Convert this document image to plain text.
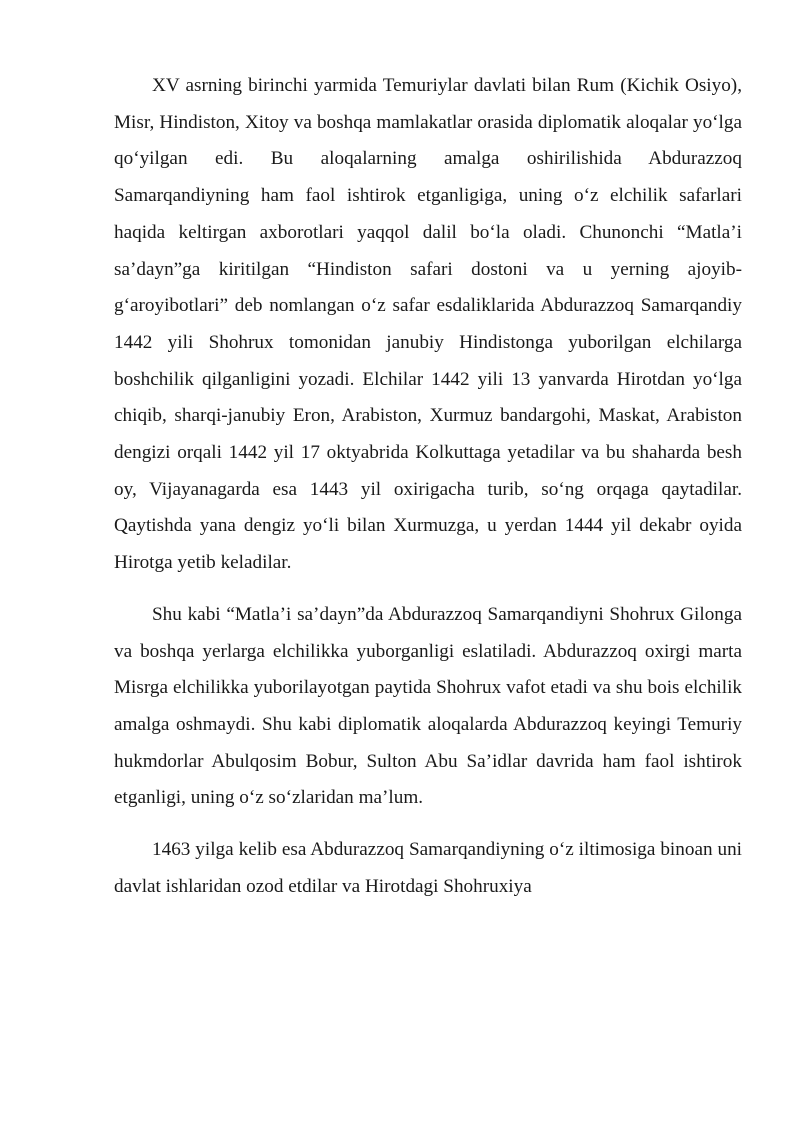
XV asrning birinchi yarmida Temuriylar davlati bilan Rum (Kichik Osiyo), Misr, Hindiston, Xitoy va boshqa mamlakatlar orasida diplomatik aloqalar yo‘lga qo‘yilgan edi. Bu aloqalarning amalga oshirilishida Abdurazzoq Samarqandiyning ham faol ishtirok etganligiga, uning o‘z elchilik safarlari haqida keltirgan axborotlari yaqqol dalil bo‘la oladi. Chunonchi “Matla’i sa’dayn”ga kiritilgan “Hindiston safari dostoni va u yerning ajoyib-g‘aroyibotlari” deb nomlangan o‘z safar esdaliklarida Abdurazzoq Samarqandiy 1442 yili Shohrux tomonidan janubiy Hindistonga yuborilgan elchilarga boshchilik qilganligini yozadi. Elchilar 1442 yili 13 yanvarda Hirotdan yo‘lga chiqib, sharqi-janubiy Eron, Arabiston, Xurmuz bandargohi, Maskat, Arabiston dengizi orqali 1442 yil 17 oktyabrida Kolkuttaga yetadilar va bu shaharda besh oy, Vijayanagarda esa 1443 yil oxirigacha turib, so‘ng orqaga qaytadilar. Qaytishda yana dengiz yo‘li bilan Xurmuzga, u yerdan 1444 yil dekabr oyida Hirotga yetib keladilar.

Shu kabi “Matla’i sa’dayn”da Abdurazzoq Samarqandiyni Shohrux Gilonga va boshqa yerlarga elchilikka yuborganligi eslatiladi. Abdurazzoq oxirgi marta Misrga elchilikka yuborilayotgan paytida Shohrux vafot etadi va shu bois elchilik amalga oshmaydi. Shu kabi diplomatik aloqalarda Abdurazzoq keyingi Temuriy hukmdorlar Abulqosim Bobur, Sulton Abu Sa’idlar davrida ham faol ishtirok etganligi, uning o‘z so‘zlaridan ma’lum.

1463 yilga kelib esa Abdurazzoq Samarqandiyning o‘z iltimosiga binoan uni davlat ishlaridan ozod etdilar va Hirotdagi Shohruxiya
